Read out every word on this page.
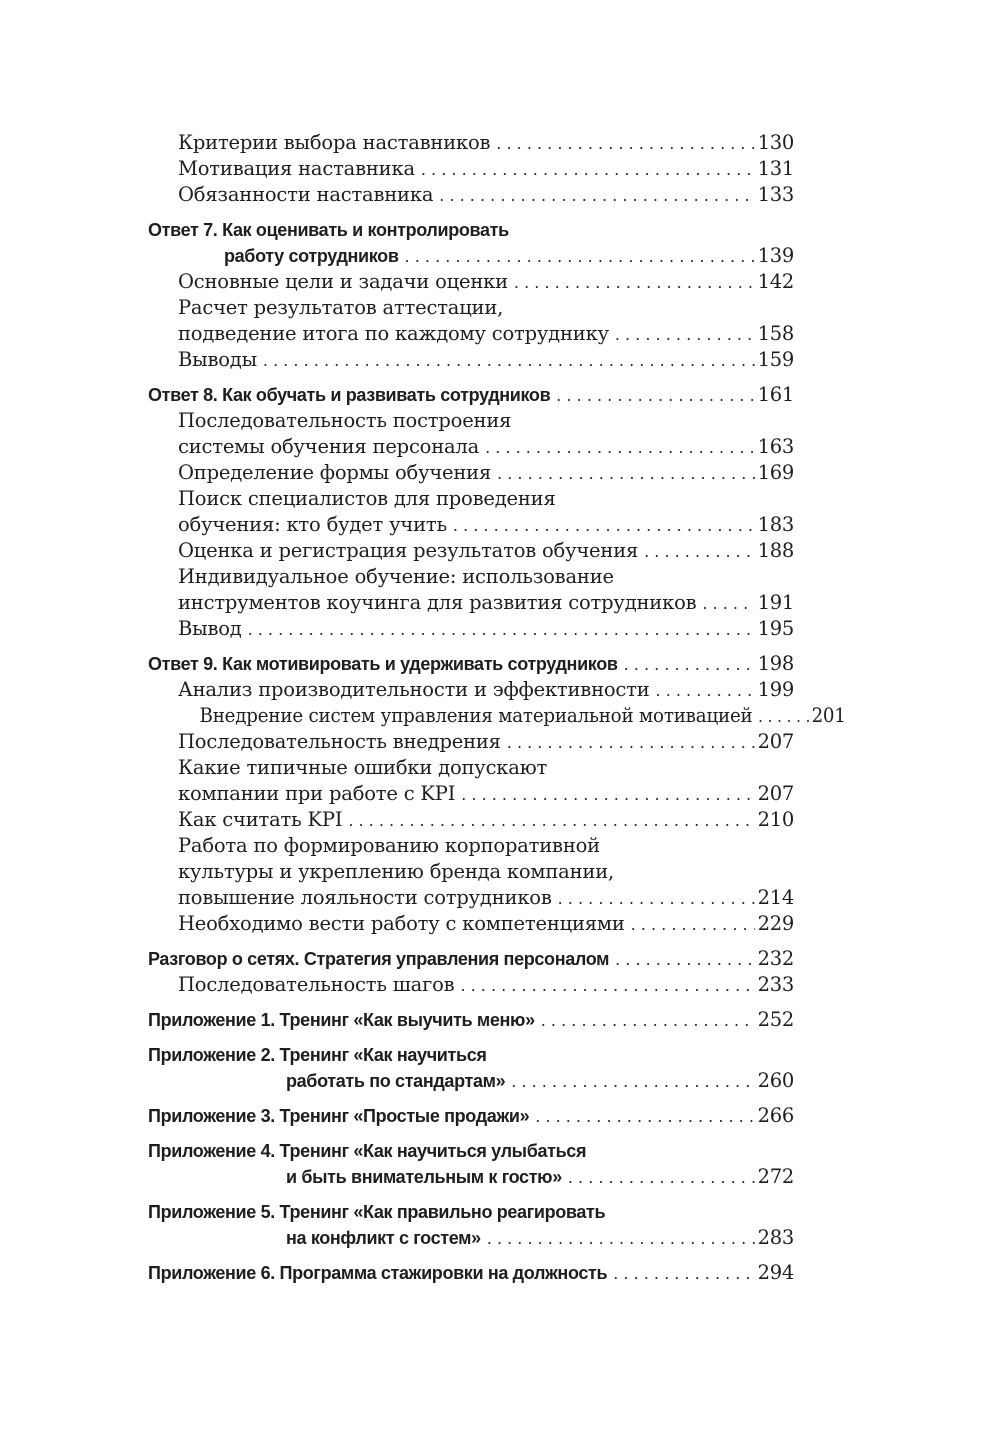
Критерии выбора наставников . . .	130
Мотивация наставника . . .	131
Обязанности наставника . . .	133
Ответ 7. Как оценивать и контролировать
работу сотрудников . . .	139
Основные цели и задачи оценки . . .	142
Расчет результатов аттестации,
подведение итога по каждому сотруднику . . .	158
Выводы . . .	159
Ответ 8. Как обучать и развивать сотрудников . . .	161
Последовательность построения
системы обучения персонала . . .	163
Определение формы обучения . . .	169
Поиск специалистов для проведения
обучения: кто будет учить . . .	183
Оценка и регистрация результатов обучения . . .	188
Индивидуальное обучение: использование
инструментов коучинга для развития сотрудников . . .	191
Вывод . . .	195
Ответ 9. Как мотивировать и удерживать сотрудников . . .	198
Анализ производительности и эффективности . . .	199
Внедрение систем управления материальной мотивацией . . .	201
Последовательность внедрения . . .	207
Какие типичные ошибки допускают
компании при работе с KPI . . .	207
Как считать KPI . . .	210
Работа по формированию корпоративной
культуры и укреплению бренда компании,
повышение лояльности сотрудников . . .	214
Необходимо вести работу с компетенциями . . .	229
Разговор о сетях. Стратегия управления персоналом . . .	232
Последовательность шагов . . .	233
Приложение 1. Тренинг «Как выучить меню» . . .	252
Приложение 2. Тренинг «Как научиться
работать по стандартам» . . .	260
Приложение 3. Тренинг «Простые продажи» . . .	266
Приложение 4. Тренинг «Как научиться улыбаться
и быть внимательным к гостю» . . .	272
Приложение 5. Тренинг «Как правильно реагировать
на конфликт с гостем» . . .	283
Приложение 6. Программа стажировки на должность . . .	294
